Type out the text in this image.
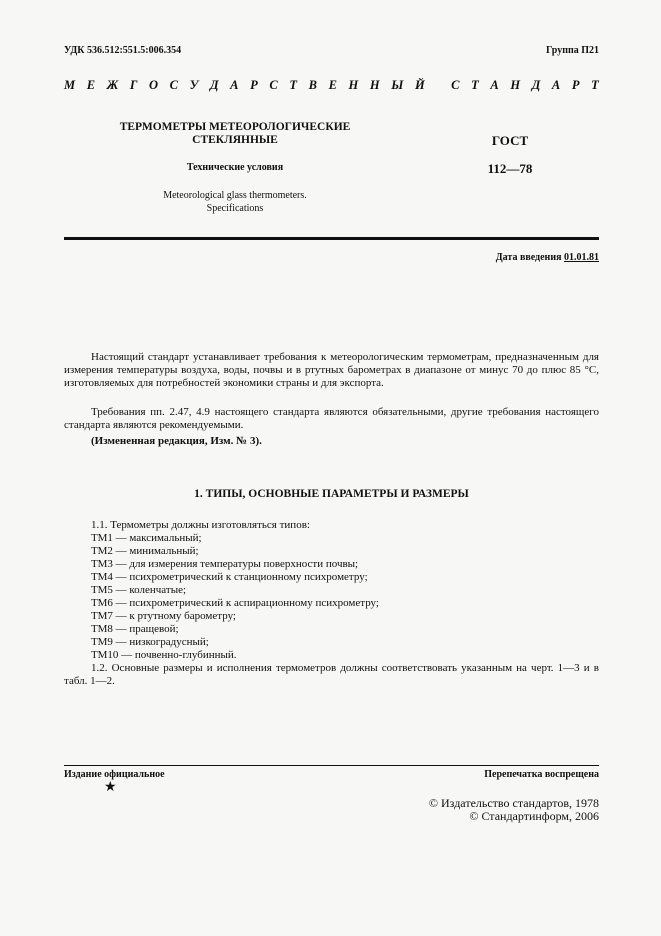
УДК 536.512:551.5:006.354	Группа П21
М Е Ж Г О С У Д А Р С Т В Е Н Н Ы Й
С Т А Н Д А Р Т
ТЕРМОМЕТРЫ МЕТЕОРОЛОГИЧЕСКИЕ
СТЕКЛЯННЫЕ
Технические условия
Meteorological glass thermometers.
Specifications
ГОСТ
112—78
Дата введения 01.01.81
Настоящий стандарт устанавливает требования к метеорологическим термометрам, предназначенным для измерения температуры воздуха, воды, почвы и в ртутных барометрах в диапазоне от минус 70 до плюс 85 °С, изготовляемых для потребностей экономики страны и для экспорта.
Требования пп. 2.47, 4.9 настоящего стандарта являются обязательными, другие требования настоящего стандарта являются рекомендуемыми.
(Измененная редакция, Изм. № 3).
1. ТИПЫ, ОСНОВНЫЕ ПАРАМЕТРЫ И РАЗМЕРЫ
1.1. Термометры должны изготовляться типов:
ТМ1 — максимальный;
ТМ2 — минимальный;
ТМ3 — для измерения температуры поверхности почвы;
ТМ4 — психрометрический к станционному психрометру;
ТМ5 — коленчатые;
ТМ6 — психрометрический к аспирационному психрометру;
ТМ7 — к ртутному барометру;
ТМ8 — пращевой;
ТМ9 — низкоградусный;
ТМ10 — почвенно-глубинный.
1.2. Основные размеры и исполнения термометров должны соответствовать указанным на черт. 1—3 и в табл. 1—2.
Издание официальное
★
Перепечатка воспрещена
© Издательство стандартов, 1978
© Стандартинформ, 2006
